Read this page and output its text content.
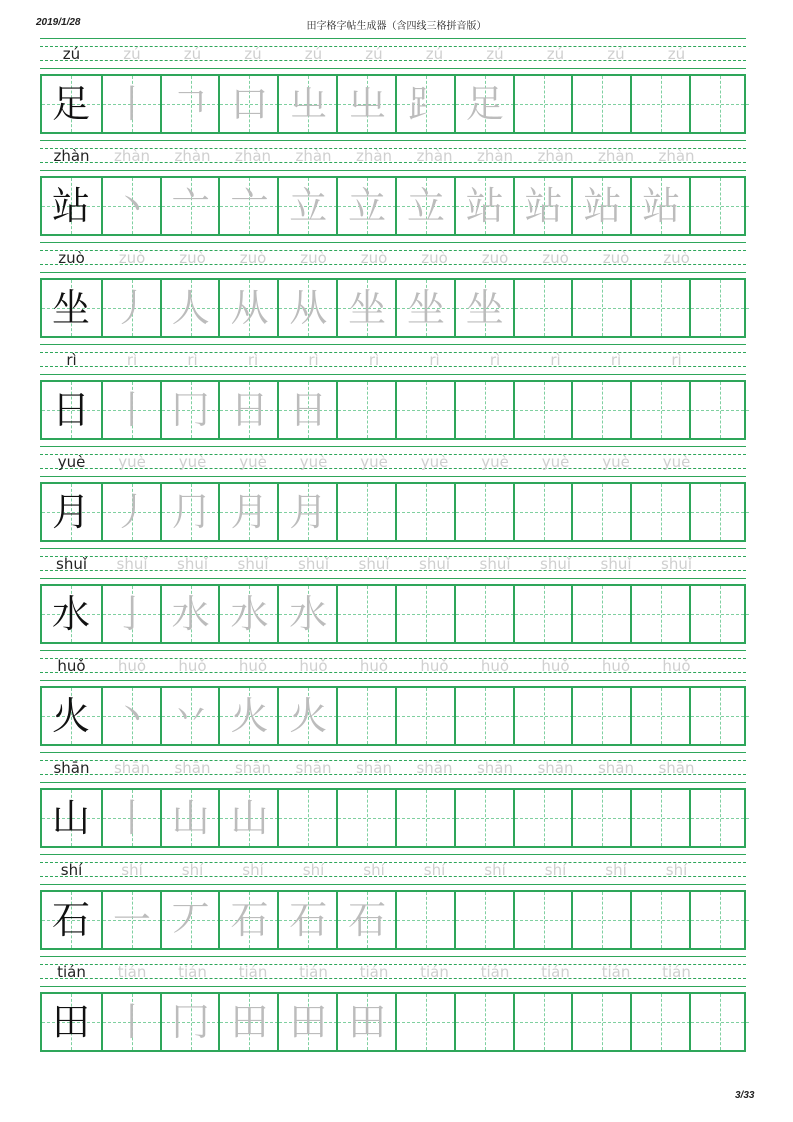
2019/1/28	田字格字帖生成器（含四线三格拼音版）
zú	zú	zú	zú	zú	zú	zú	zú	zú	zú	zú
足 丨 𠃍 口 㞢 㞢 ⻊ 足
zhàn	zhàn	zhàn	zhàn	zhàn	zhàn	zhàn	zhàn	zhàn	zhàn	zhàn
站 丶 亠 亠 立 立 立 站 站 站 站
zuò	zuò	zuò	zuò	zuò	zuò	zuò	zuò	zuò	zuò	zuò
坐 丿 人 从 从 坐 坐 坐
rì	rì	rì	rì	rì	rì	rì	rì	rì	rì	rì
日 丨 冂 日 日
yuè	yuè	yuè	yuè	yuè	yuè	yuè	yuè	yuè	yuè	yuè
月 丿 ⺆ 月 月
shuǐ	shuǐ	shuǐ	shuǐ	shuǐ	shuǐ	shuǐ	shuǐ	shuǐ	shuǐ	shuǐ
水 亅 水 水 水
huǒ	huǒ	huǒ	huǒ	huǒ	huǒ	huǒ	huǒ	huǒ	huǒ	huǒ
火 丶 丷 火 火
shān	shān	shān	shān	shān	shān	shān	shān	shān	shān	shān
山 丨 山 山
shí	shí	shí	shí	shí	shí	shí	shí	shí	shí	shí
石 一 丆 石 石 石
tián	tián	tián	tián	tián	tián	tián	tián	tián	tián	tián
田 丨 冂 田 田 田
3/33
